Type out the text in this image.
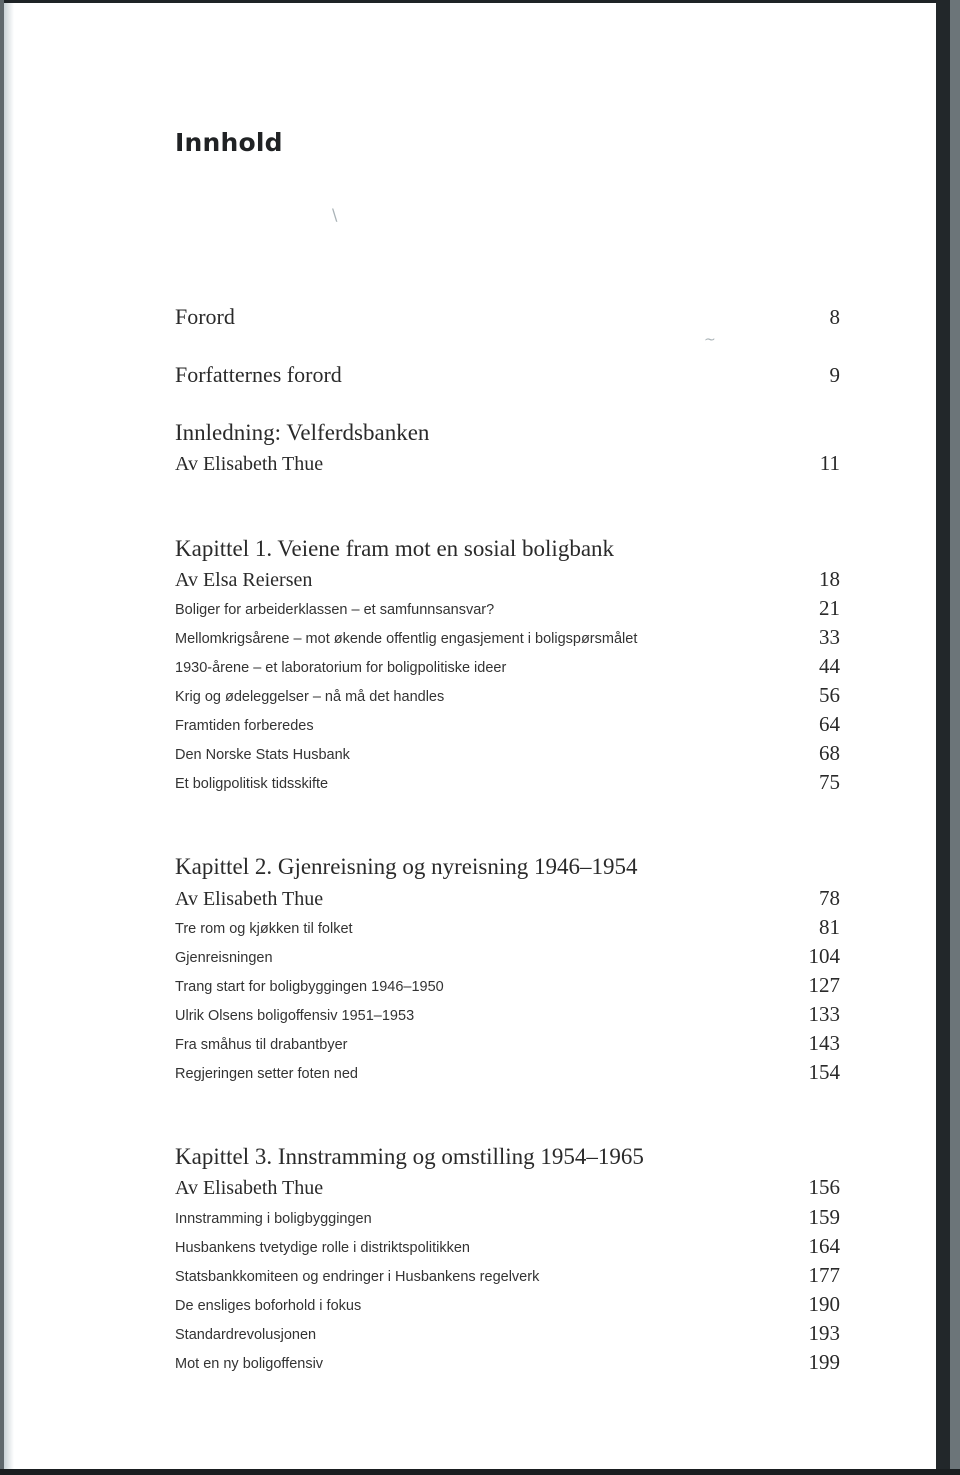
\
~
Innhold
Forord	8
Forfatternes forord	9
Innledning: Velferdsbanken
Av Elisabeth Thue	11
Kapittel 1. Veiene fram mot en sosial boligbank
Av Elsa Reiersen	18
Boliger for arbeiderklassen – et samfunnsansvar?	21
Mellomkrigsårene – mot økende offentlig engasjement i boligspørsmålet	33
1930-årene – et laboratorium for boligpolitiske ideer	44
Krig og ødeleggelser – nå må det handles	56
Framtiden forberedes	64
Den Norske Stats Husbank	68
Et boligpolitisk tidsskifte	75
Kapittel 2. Gjenreisning og nyreisning 1946–1954
Av Elisabeth Thue	78
Tre rom og kjøkken til folket	81
Gjenreisningen	104
Trang start for boligbyggingen 1946–1950	127
Ulrik Olsens boligoffensiv 1951–1953	133
Fra småhus til drabantbyer	143
Regjeringen setter foten ned	154
Kapittel 3. Innstramming og omstilling 1954–1965
Av Elisabeth Thue	156
Innstramming i boligbyggingen	159
Husbankens tvetydige rolle i distriktspolitikken	164
Statsbankkomiteen og endringer i Husbankens regelverk	177
De ensliges boforhold i fokus	190
Standardrevolusjonen	193
Mot en ny boligoffensiv	199
